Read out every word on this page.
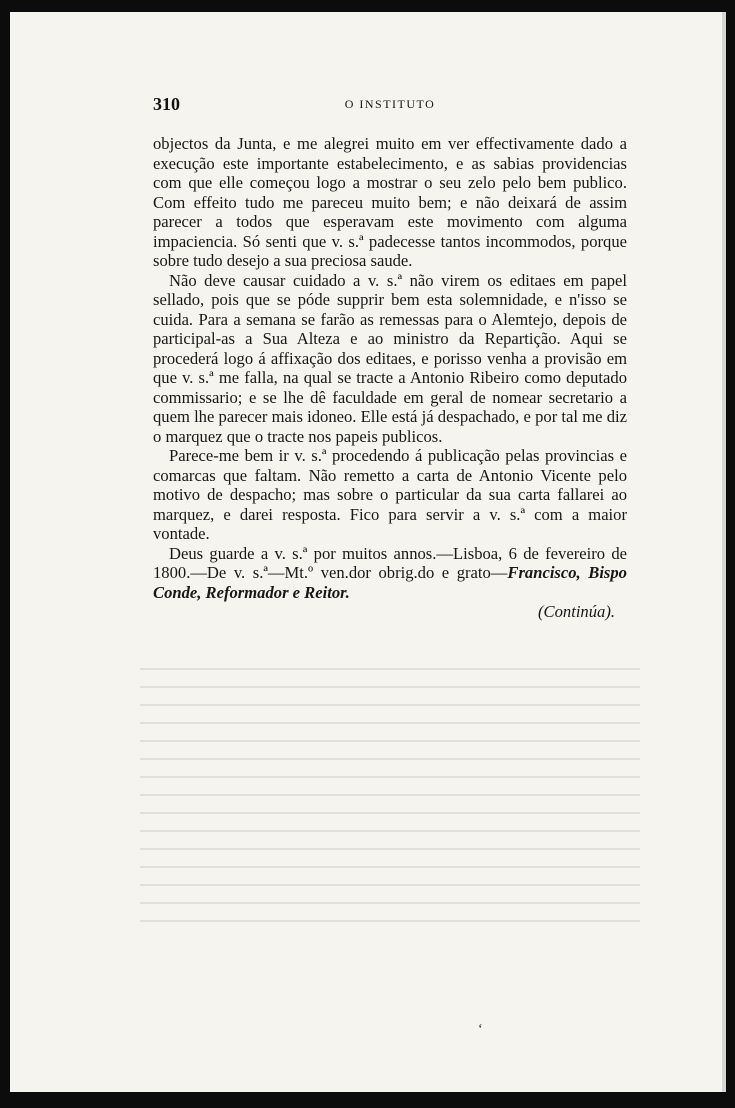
310	O INSTITUTO

objectos da Junta, e me alegrei muito em ver effectivamente dado a execução este importante estabelecimento, e as sabias providencias com que elle começou logo a mostrar o seu zelo pelo bem publico. Com effeito tudo me pareceu muito bem; e não deixará de assim parecer a todos que esperavam este movimento com alguma impaciencia. Só senti que v. s.ª padecesse tantos incommodos, porque sobre tudo desejo a sua preciosa saude.

Não deve causar cuidado a v. s.ª não virem os editaes em papel sellado, pois que se póde supprir bem esta solemnidade, e n'isso se cuida. Para a semana se farão as remessas para o Alemtejo, depois de participal-as a Sua Alteza e ao ministro da Repartição. Aqui se procederá logo á affixação dos editaes, e porisso venha a provisão em que v. s.ª me falla, na qual se tracte a Antonio Ribeiro como deputado commissario; e se lhe dê faculdade em geral de nomear secretario a quem lhe parecer mais idoneo. Elle está já despachado, e por tal me diz o marquez que o tracte nos papeis publicos.

Parece-me bem ir v. s.ª procedendo á publicação pelas provincias e comarcas que faltam. Não remetto a carta de Antonio Vicente pelo motivo de despacho; mas sobre o particular da sua carta fallarei ao marquez, e darei resposta. Fico para servir a v. s.ª com a maior vontade.

Deus guarde a v. s.ª por muitos annos.—Lisboa, 6 de fevereiro de 1800.—De v. s.ª—Mt.º ven.dor obrig.do e grato—Francisco, Bispo Conde, Reformador e Reitor.

(Continúa).
ʻ
